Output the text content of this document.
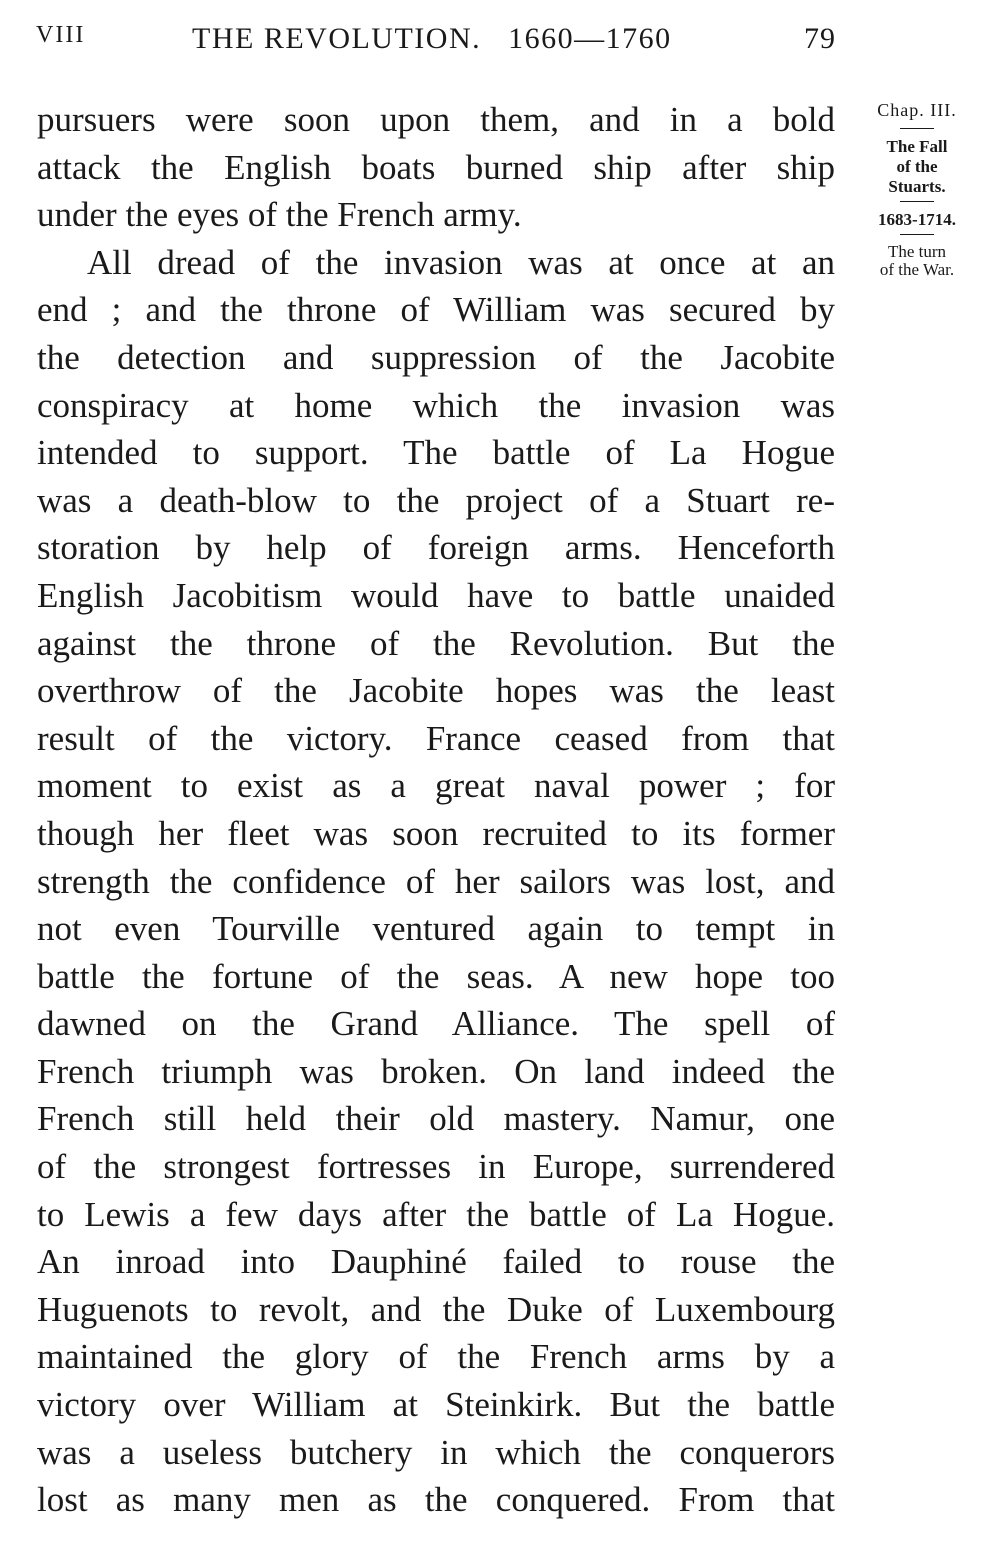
VIII	THE REVOLUTION.   1660—1760	79
pursuers were soon upon them, and in a bold
attack the English boats burned ship after ship
under the eyes of the French army.
All dread of the invasion was at once at an
end ; and the throne of William was secured by
the detection and suppression of the Jacobite
conspiracy at home which the invasion was
intended to support. The battle of La Hogue
was a death-blow to the project of a Stuart re-
storation by help of foreign arms. Henceforth
English Jacobitism would have to battle unaided
against the throne of the Revolution. But the
overthrow of the Jacobite hopes was the least
result of the victory. France ceased from that
moment to exist as a great naval power ; for
though her fleet was soon recruited to its former
strength the confidence of her sailors was lost, and
not even Tourville ventured again to tempt in
battle the fortune of the seas. A new hope too
dawned on the Grand Alliance. The spell of
French triumph was broken. On land indeed the
French still held their old mastery. Namur, one
of the strongest fortresses in Europe, surrendered
to Lewis a few days after the battle of La Hogue.
An inroad into Dauphiné failed to rouse the
Huguenots to revolt, and the Duke of Luxembourg
maintained the glory of the French arms by a
victory over William at Steinkirk. But the battle
was a useless butchery in which the conquerors
lost as many men as the conquered. From that
Chap. III.
The Fall
of the
Stuarts.
1683-1714.
The turn
of the War.
